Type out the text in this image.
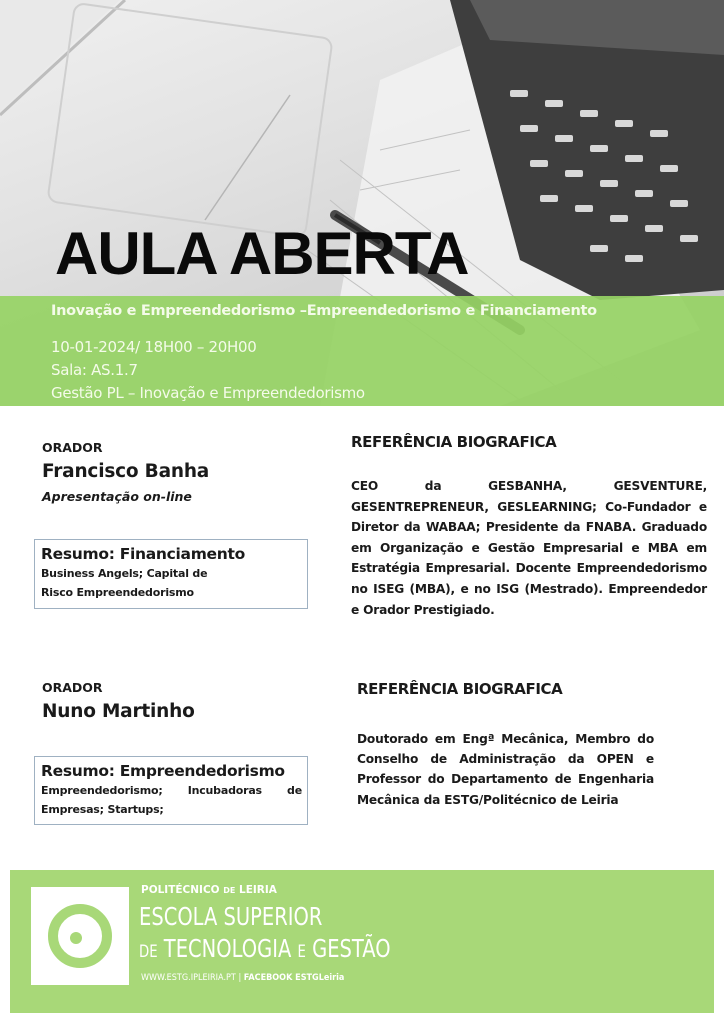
AULA ABERTA
Inovação e Empreendedorismo –Empreendedorismo e Financiamento
10-01-2024/ 18H00 – 20H00
Sala: AS.1.7
Gestão PL – Inovação e Empreendedorismo
ORADOR
Francisco Banha
Apresentação on-line
Resumo: Financiamento
Business Angels; Capital de Risco Empreendedorismo
REFERÊNCIA BIOGRAFICA
CEO da GESBANHA, GESVENTURE, GESENTREPRENEUR, GESLEARNING; Co-Fundador e Diretor da WABAA; Presidente da FNABA. Graduado em Organização e Gestão Empresarial e MBA em Estratégia Empresarial. Docente Empreendedorismo no ISEG (MBA), e no ISG (Mestrado). Empreendedor e Orador Prestigiado.
ORADOR
Nuno Martinho
Resumo: Empreendedorismo
Empreendedorismo; Incubadoras de Empresas; Startups;
REFERÊNCIA BIOGRAFICA
Doutorado em Engª Mecânica, Membro do Conselho de Administração da OPEN e Professor do Departamento de Engenharia Mecânica da ESTG/Politécnico de Leiria
POLITÉCNICO DE LEIRIA
ESCOLA SUPERIOR
DE TECNOLOGIA E GESTÃO
WWW.ESTG.IPLEIRIA.PT | FACEBOOK ESTGLeiria
